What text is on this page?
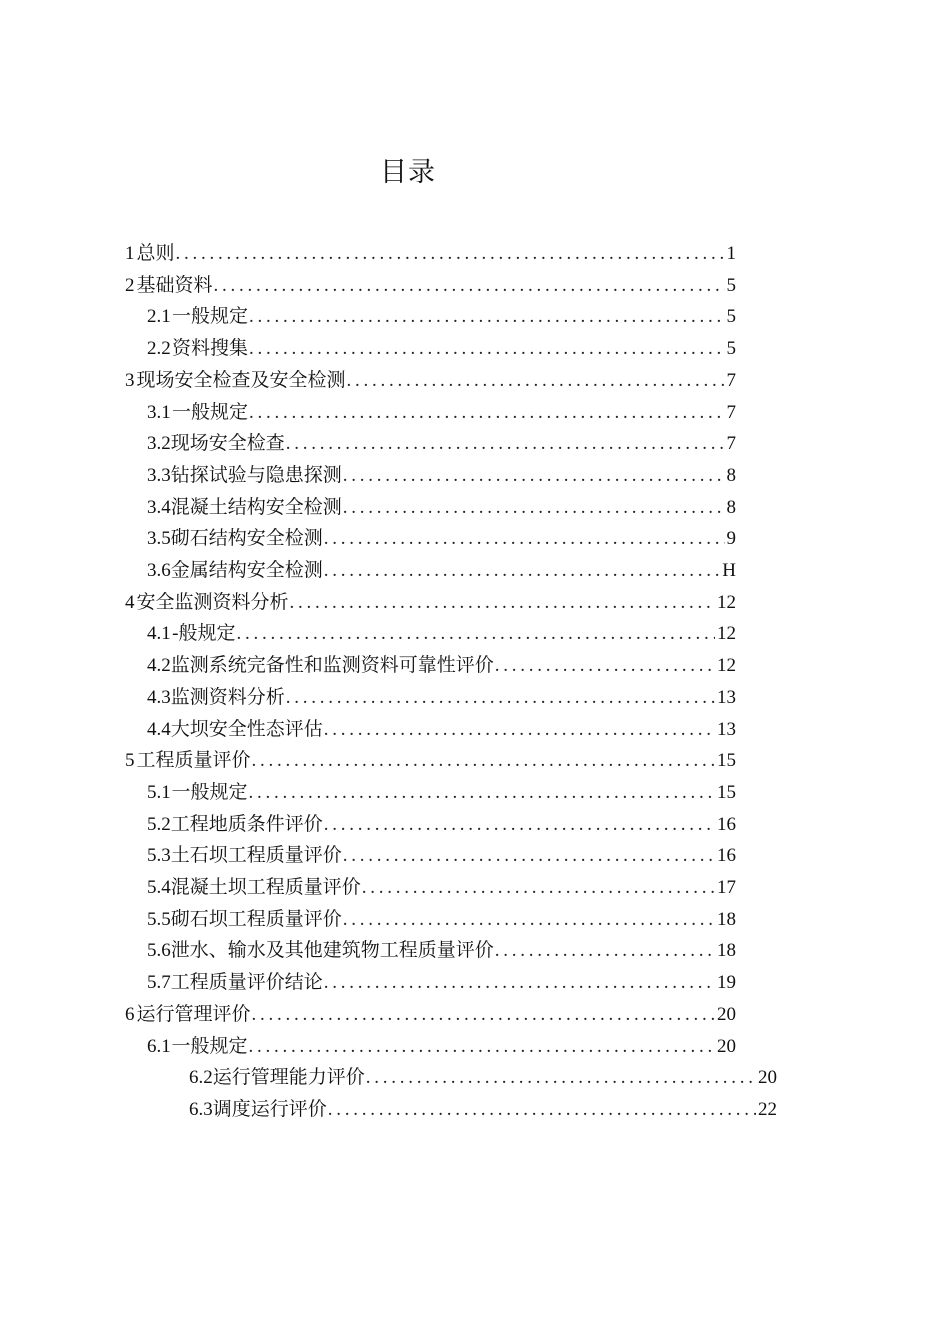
目录
1 总则 . . .	1
2 基础资料 . . .	5
2.1 一般规定 . . .	5
2.2 资料搜集 . . .	5
3 现场安全检查及安全检测 . . .	7
3.1 一般规定 . . .	7
3.2 现场安全检查 . . .	7
3.3 钻探试验与隐患探测 . . .	8
3.4 混凝土结构安全检测 . . .	8
3.5 砌石结构安全检测 . . .	9
3.6 金属结构安全检测 . . .	H
4 安全监测资料分析 . . .	12
4.1 -般规定 . . .	12
4.2 监测系统完备性和监测资料可靠性评价 . . .	12
4.3 监测资料分析 . . .	13
4.4 大坝安全性态评估 . . .	13
5 工程质量评价 . . .	15
5.1 一般规定 . . .	15
5.2 工程地质条件评价 . . .	16
5.3 土石坝工程质量评价 . . .	16
5.4 混凝土坝工程质量评价 . . .	17
5.5 砌石坝工程质量评价 . . .	18
5.6 泄水、输水及其他建筑物工程质量评价 . . .	18
5.7 工程质量评价结论 . . .	19
6 运行管理评价 . . .	20
6.1 一般规定 . . .	20
6.2 运行管理能力评价 . . .	20
6.3 调度运行评价 . . .	22
